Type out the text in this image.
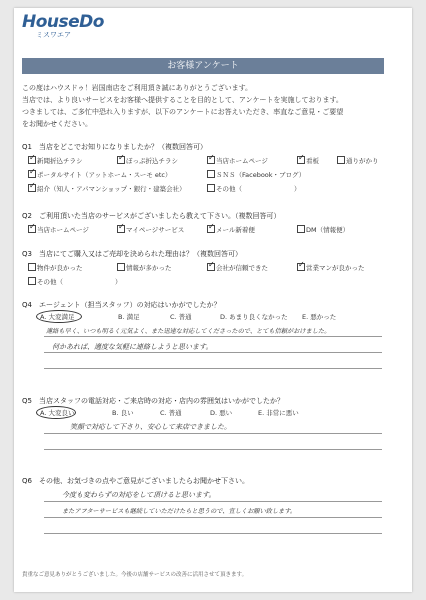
HouseDo
ミスワエア
お客様アンケート
この度はハウスドゥ！岩国南店をご利用頂き誠にありがとうございます。
当店では、より良いサービスをお客様へ提供することを目的として、アンケートを実施しております。
つきましては、ご多忙中恐れ入りますが、以下のアンケートにお答えいただき、率直なご意見・ご要望
をお聞かせください。
Q1　当店をどこでお知りになりましたか？（複数回答可）
✓新聞折込チラシ ✓	ぼっぷ折込チラシ ✓	当店ホームページ ✓	看板	通りがかり
✓ポータルサイト（アットホーム・スーモ etc）	ＳＮＳ（Facebook・ブログ）
✓紹介（知人・アパマンショップ・銀行・建築会社）	その他（　　　　　　　　）
Q2　ご利用頂いた当店のサービスがございましたら教えて下さい。（複数回答可）
✓当店ホームページ ✓	マイページサービス ✓	メール新着便	DM（情報便）
Q3　当店にてご購入又はご売却を決められた理由は？（複数回答可）
物件が良かった	情報が多かった ✓	会社が信頼できた ✓	営業マンが良かった
その他（　　　　　　　　）
Q4　エージェント（担当スタッフ）の対応はいかがでしたか？
A. 大変満足	B. 満足	C. 普通	D. あまり良くなかった E. 悪かった
連絡も早く、いつも明るく元気よく、また迅速な対応してくださったので、とても信頼がおけました。
何かあれば、適度な気軽に連絡しようと思います。
Q5　当店スタッフの電話対応・ご来店時の対応・店内の雰囲気はいかがでしたか？
A. 大変良い	B. 良い	C. 普通	D. 悪い	E. 非常に悪い
笑顔で対応して下さり、安心して来店できました。
Q6　その他、お気づきの点やご意見がございましたらお聞かせ下さい。
今度も変わらずの対応をして頂けると思います。
またアフターサービスも継続していただけたらと思うので、宜しくお願い致します。
貴重なご意見ありがとうございました。今後の店舗サービスの改善に活用させて頂きます。
